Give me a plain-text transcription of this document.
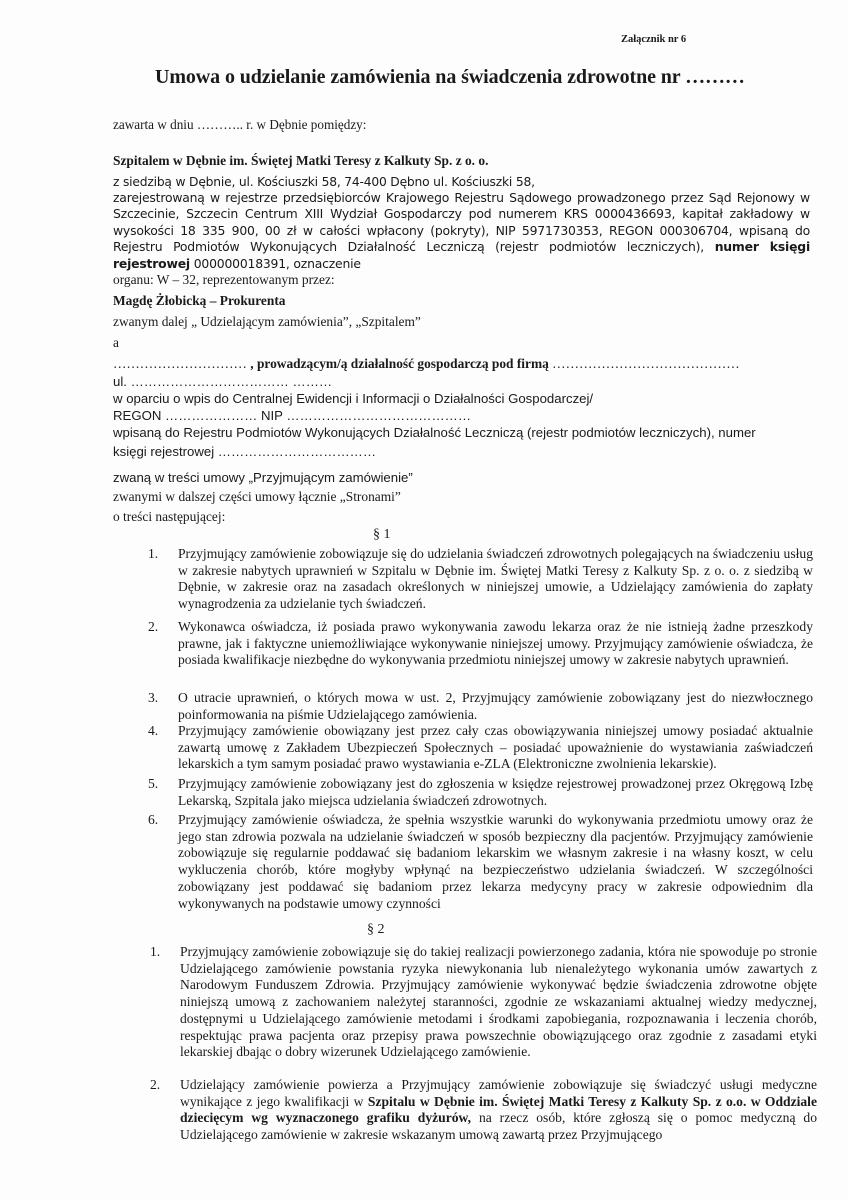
Załącznik nr 6
Umowa o udzielanie zamówienia na świadczenia zdrowotne nr ………
zawarta w dniu ……….. r. w Dębnie pomiędzy:
Szpitalem w Dębnie im. Świętej Matki Teresy z Kalkuty Sp. z o. o.
z siedzibą w Dębnie, ul. Kościuszki 58, 74-400 Dębno ul. Kościuszki 58,
zarejestrowaną w rejestrze przedsiębiorców Krajowego Rejestru Sądowego prowadzonego przez Sąd Rejonowy w Szczecinie, Szczecin Centrum XIII Wydział Gospodarczy pod numerem KRS 0000436693, kapitał zakładowy w wysokości 18 335 900, 00 zł w całości wpłacony (pokryty), NIP 5971730353, REGON 000306704, wpisaną do Rejestru Podmiotów Wykonujących Działalność Leczniczą (rejestr podmiotów leczniczych), numer księgi rejestrowej 000000018391, oznaczenie
organu: W – 32, reprezentowanym przez:
Magdę Żłobicką – Prokurenta
zwanym dalej „ Udzielającym zamówienia”, „Szpitalem”
a
………………………… , prowadzącym/ą działalność gospodarczą pod firmą ……………………………………
ul. ……………………………… ………
w oparciu o wpis do Centralnej Ewidencji i Informacji o Działalności Gospodarczej/
REGON ………………… NIP ……………………………………
wpisaną do Rejestru Podmiotów Wykonujących Działalność Leczniczą (rejestr podmiotów leczniczych), numer
księgi rejestrowej ………………………………
zwaną w treści umowy „Przyjmującym zamówienie”
zwanymi w dalszej części umowy łącznie „Stronami”
o treści następującej:
§ 1
1. Przyjmujący zamówienie zobowiązuje się do udzielania świadczeń zdrowotnych polegających na świadczeniu usług w zakresie nabytych uprawnień w Szpitalu w Dębnie im. Świętej Matki Teresy z Kalkuty Sp. z o. o. z siedzibą w Dębnie, w zakresie oraz na zasadach określonych w niniejszej umowie, a Udzielający zamówienia do zapłaty wynagrodzenia za udzielanie tych świadczeń.
2. Wykonawca oświadcza, iż posiada prawo wykonywania zawodu lekarza oraz że nie istnieją żadne przeszkody prawne, jak i faktyczne uniemożliwiające wykonywanie niniejszej umowy. Przyjmujący zamówienie oświadcza, że posiada kwalifikacje niezbędne do wykonywania przedmiotu niniejszej umowy w zakresie nabytych uprawnień.
3. O utracie uprawnień, o których mowa w ust. 2, Przyjmujący zamówienie zobowiązany jest do niezwłocznego poinformowania na piśmie Udzielającego zamówienia.
4. Przyjmujący zamówienie obowiązany jest przez cały czas obowiązywania niniejszej umowy posiadać aktualnie zawartą umowę z Zakładem Ubezpieczeń Społecznych – posiadać upoważnienie do wystawiania zaświadczeń lekarskich a tym samym posiadać prawo wystawiania e-ZLA (Elektroniczne zwolnienia lekarskie).
5. Przyjmujący zamówienie zobowiązany jest do zgłoszenia w księdze rejestrowej prowadzonej przez Okręgową Izbę Lekarską, Szpitala jako miejsca udzielania świadczeń zdrowotnych.
6. Przyjmujący zamówienie oświadcza, że spełnia wszystkie warunki do wykonywania przedmiotu umowy oraz że jego stan zdrowia pozwala na udzielanie świadczeń w sposób bezpieczny dla pacjentów. Przyjmujący zamówienie zobowiązuje się regularnie poddawać się badaniom lekarskim we własnym zakresie i na własny koszt, w celu wykluczenia chorób, które mogłyby wpłynąć na bezpieczeństwo udzielania świadczeń. W szczególności zobowiązany jest poddawać się badaniom przez lekarza medycyny pracy w zakresie odpowiednim dla wykonywanych na podstawie umowy czynności
§ 2
1. Przyjmujący zamówienie zobowiązuje się do takiej realizacji powierzonego zadania, która nie spowoduje po stronie Udzielającego zamówienie powstania ryzyka niewykonania lub nienależytego wykonania umów zawartych z Narodowym Funduszem Zdrowia. Przyjmujący zamówienie wykonywać będzie świadczenia zdrowotne objęte niniejszą umową z zachowaniem należytej staranności, zgodnie ze wskazaniami aktualnej wiedzy medycznej, dostępnymi u Udzielającego zamówienie metodami i środkami zapobiegania, rozpoznawania i leczenia chorób, respektując prawa pacjenta oraz przepisy prawa powszechnie obowiązującego oraz zgodnie z zasadami etyki lekarskiej dbając o dobry wizerunek Udzielającego zamówienie.
2. Udzielający zamówienie powierza a Przyjmujący zamówienie zobowiązuje się świadczyć usługi medyczne wynikające z jego kwalifikacji w Szpitalu w Dębnie im. Świętej Matki Teresy z Kalkuty Sp. z o.o. w Oddziale dziecięcym wg wyznaczonego grafiku dyżurów, na rzecz osób, które zgłoszą się o pomoc medyczną do Udzielającego zamówienie w zakresie wskazanym umową zawartą przez Przyjmującego
